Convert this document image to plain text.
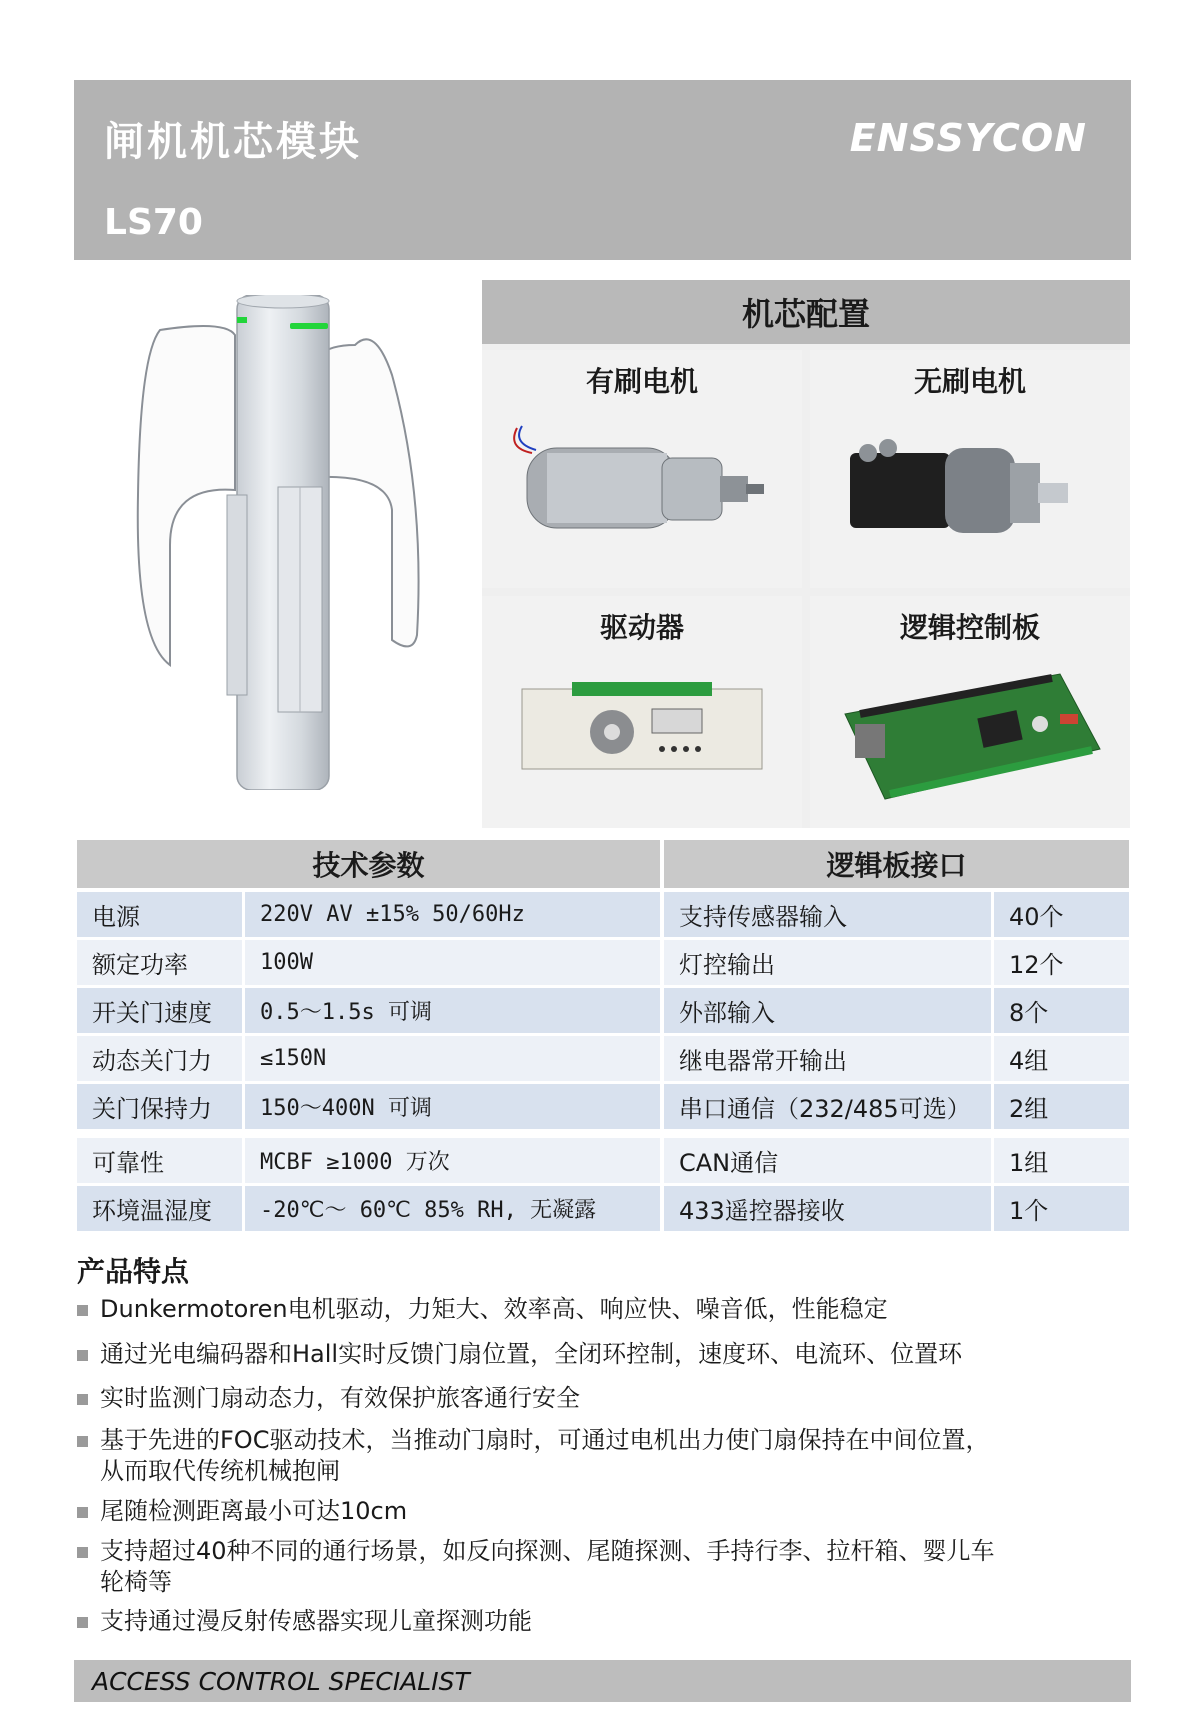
闸机机芯模块
LS70
ENSSYCON
机芯配置
有刷电机	无刷电机
驱动器	逻辑控制板
技术参数	逻辑板接口
电源	220V AV ±15% 50/60Hz	支持传感器输入	40个
额定功率	100W	灯控输出	12个
开关门速度	0.5～1.5s 可调	外部输入	8个
动态关门力	≤150N	继电器常开输出	4组
关门保持力	150～400N 可调	串口通信（232/485可选）	2组
可靠性	MCBF ≥1000 万次	CAN通信	1组
环境温湿度	-20℃～ 60℃ 85% RH, 无凝露	433遥控器接收	1个
产品特点
Dunkermotoren电机驱动，力矩大、效率高、响应快、噪音低，性能稳定
通过光电编码器和Hall实时反馈门扇位置，全闭环控制，速度环、电流环、位置环
实时监测门扇动态力，有效保护旅客通行安全
基于先进的FOC驱动技术，当推动门扇时，可通过电机出力使门扇保持在中间位置，
从而取代传统机械抱闸
尾随检测距离最小可达10cm
支持超过40种不同的通行场景，如反向探测、尾随探测、手持行李、拉杆箱、婴儿车
轮椅等
支持通过漫反射传感器实现儿童探测功能
ACCESS CONTROL SPECIALIST
